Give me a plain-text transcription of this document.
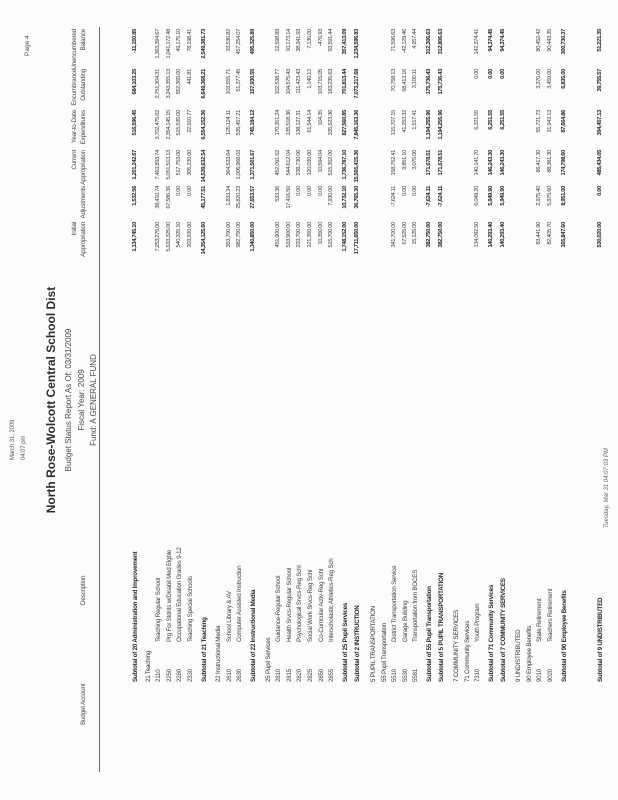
March 31, 2009 04:07 pm
Page 4
North Rose-Wolcott Central School Dist Budget Status Report As Of: 03/31/2009 Fiscal Year: 2009 Fund: A GENERAL FUND
Budget Account
Description
Initial Appropriation
Adjustments
Current Appropriation
Year-to-Date Expenditures
Encumbrance Outstanding
Unencumbered Balance
Subtotal of 20 Administration and Improvement
1,134,745.10
1,532.56
1,201,242.67
516,596.45
684,103.25
-11,150.85
21 Teaching 2110
Teaching Regular School
7,253,275.00
38,410.74
7,463,893.74
3,702,475.62
2,751,304.31
1,363,394.67
2250
Prg For Stdnts w/Disabil Med Elgble
5,633,325.00
67,586.36
5,051,513.13
2,354,145.15
3,243,355.13
1,041,172.48
2280
Occupational Education Grades 9-12
540,325.10
0.00
517,753.00
515,535.00
552,365.00
49,175.10
2330
Teaching Special Schools
203,930.00
0.00
305,230.00
22,910.77
441.81
78,198.41
Subtotal of 21 Teaching
14,354,125.60
45,177.51
14,539,632.54
6,554,152.36
6,649,368.21
2,549,381.73
22 Instructional Media 2610
School Library & AV
353,700.00
1,833.34
364,533.64
125,124.11
103,555.71
33,536.82
2630
Computer Assisted Instruction
982,750.00
25,820.23
1,006,968.03
535,457.21
51,377.45
457,254.07
Subtotal of 22 Instructional Media
1,340,850.00
27,653.57
1,371,501.67
745,184.12
157,930.55
495,325.89
25 Pupil Services 2810
Guidance-Regular School
451,900.00
533.36
452,091.62
170,351.24
102,538.77
12,598.89
2815
Health Srvcs-Regular School
533,900.00
17,416.50
544,612.04
135,518.36
104,575.43
10,173.14
2820
Psychological Srvcs-Reg Schl
233,700.00
0.00
238,730.06
138,127.31
111,423.43
38,341.93
2825
Social Work Srvcs-Reg Schl
121,350.00
0.00
120,030.00
61,544.14
1,140.12
7,136.00
2850
Co-Curricular Activ-Reg Schl
10,350.00
0.00
10,594.04
104.35
103,715.05
-476.93
2855
Interscholastic Athletics-Reg Sch
515,700.00
7,930.00
515,352.00
335,523.36
183,235.63
93,591.44
Subtotal of 25 Pupil Services
1,748,152.00
10,732.10
1,736,787.10
827,560.85
701,813.44
357,413.09
Subtotal of 2 INSTRUCTION
17,711,650.00
36,765.30
15,565,415.36
7,845,163.36
7,073,217.68
1,234,596.83
5 PUPIL TRANSPORTATION 55 Pupil Transportation 5510
District Transportation Service
341,700.00
-7,624.11
158,752.41
115,707.15
70,758.13
71,596.63
5530
Garage Building
67,525.00
0.00
9,851.10
41,253.32
68,413.16
-42,129.46
5581
Transportation from BOCES
15,125.00
0.00
3,075.00
1,517.41
3,100.11
4,957.44
Subtotal of 55 Pupil Transportation
382,750.00
-7,624.11
171,678.51
1,194,255.96
175,736.43
312,306.63
Subtotal of 5 PUPIL TRANSPORTATION
382,750.00
-7,624.11
171,678.51
1,194,255.96
175,736.43
312,806.63
7 COMMUNITY SERVICES 71 Community Services 7310
Youth Program
134,092.50
6,049.20
140,141.70
6,321.55
0.00
142,374.41
Subtotal of 71 Community Services
140,293.40
5,949.90
146,243.30
6,251.55
0.00
94,374.45
Subtotal of 7 COMMUNITY SERVICES
140,293.40
5,949.90
146,243.30
6,251.55
0.00
94,374.45
9 UNDISTRIBUTED 90 Employee Benefits 9010
State Retirement
83,441.90
2,975.40
86,417.30
55,721.73
3,376.00
80,452.42
9020
Teachers Retirement
82,405.70
5,975.60
88,381.30
31,943.13
3,459.00
90,443.35
Subtotal of 90 Employee Benefits
165,847.60
8,951.00
174,798.60
87,664.86
6,835.00
300,730.37
Subtotal of 9 UNDISTRIBUTED
530,020.00
0.00
485,434.05
394,457.13
39,755.57
51,221.35
Tuesday, Mar 31 04:07:03 PM
